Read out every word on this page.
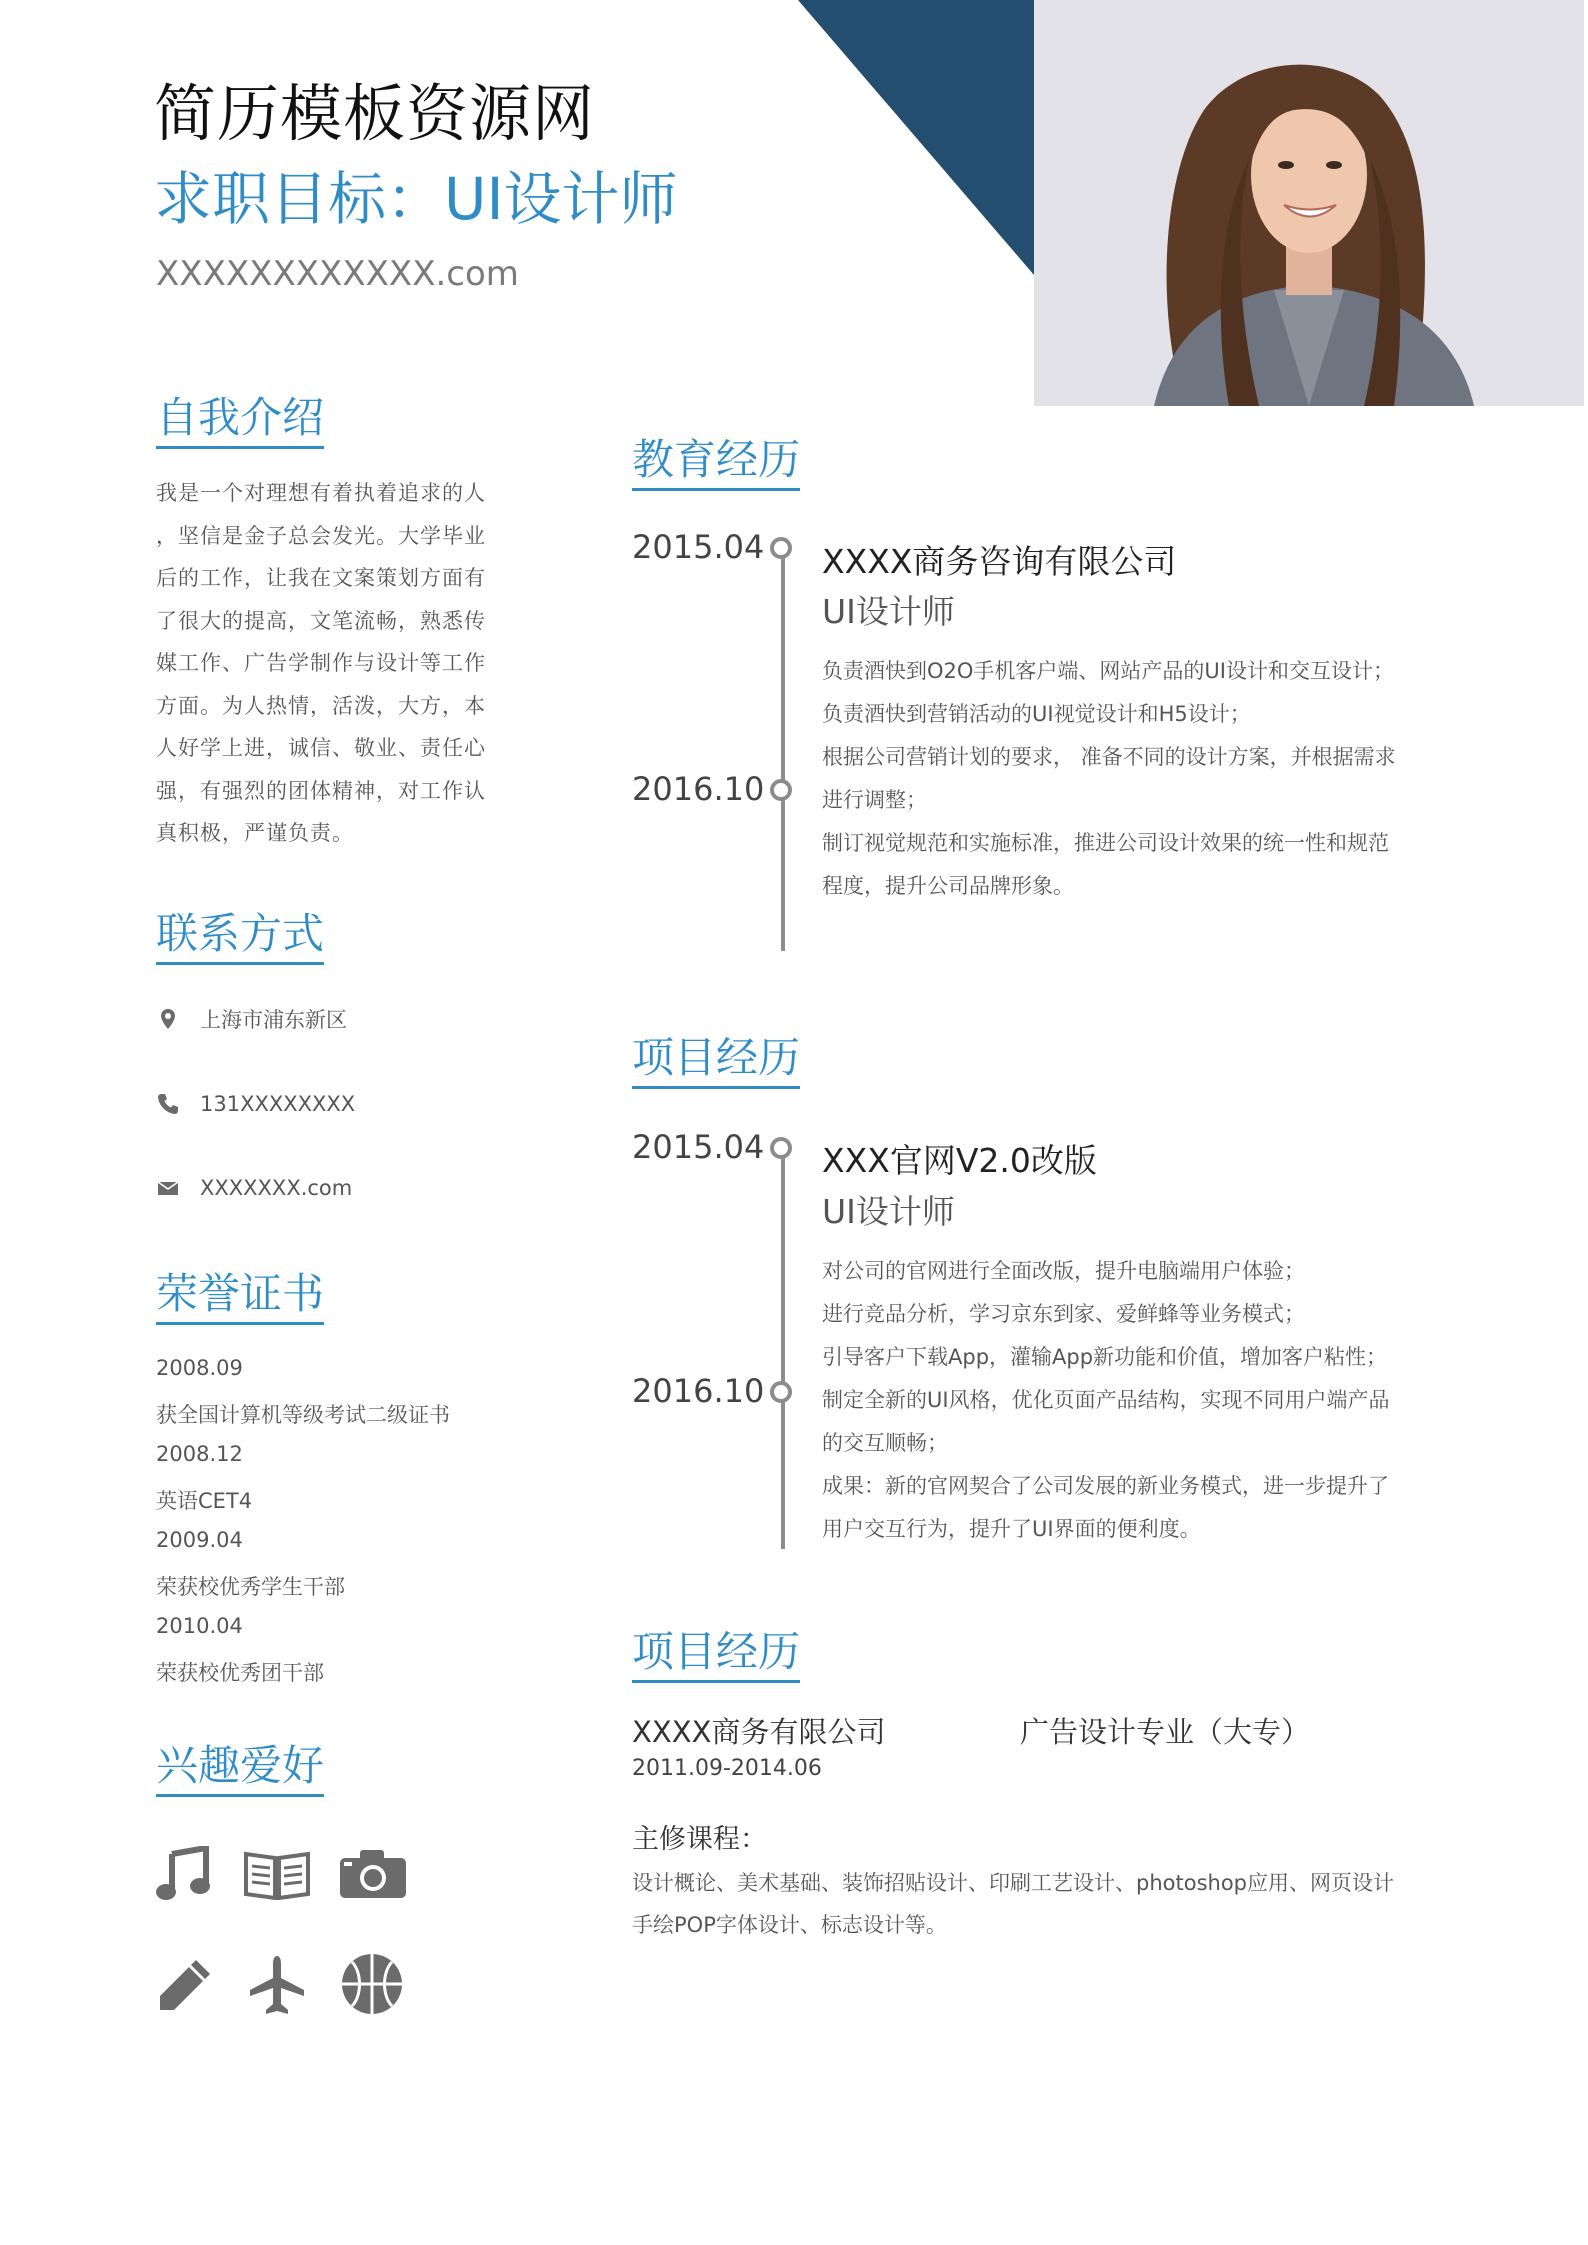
简历模板资源网
求职目标：UI设计师
XXXXXXXXXXXX.com
自我介绍
我是一个对理想有着执着追求的人
，坚信是金子总会发光。大学毕业
后的工作，让我在文案策划方面有
了很大的提高，文笔流畅，熟悉传
媒工作、广告学制作与设计等工作
方面。为人热情，活泼，大方，本
人好学上进，诚信、敬业、责任心
强，有强烈的团体精神，对工作认
真积极，严谨负责。
联系方式
上海市浦东新区
131XXXXXXXX
XXXXXXX.com
荣誉证书
2008.09
获全国计算机等级考试二级证书
2008.12
英语CET4
2009.04
荣获校优秀学生干部
2010.04
荣获校优秀团干部
兴趣爱好
教育经历
2015.04
2016.10
XXXX商务咨询有限公司
UI设计师
负责酒快到O2O手机客户端、网站产品的UI设计和交互设计；
负责酒快到营销活动的UI视觉设计和H5设计；
根据公司营销计划的要求， 准备不同的设计方案，并根据需求
进行调整；
制订视觉规范和实施标准，推进公司设计效果的统一性和规范
程度，提升公司品牌形象。
项目经历
2015.04
2016.10
XXX官网V2.0改版
UI设计师
对公司的官网进行全面改版，提升电脑端用户体验；
进行竞品分析，学习京东到家、爱鲜蜂等业务模式；
引导客户下载App，灌输App新功能和价值，增加客户粘性；
制定全新的UI风格，优化页面产品结构，实现不同用户端产品
的交互顺畅；
成果：新的官网契合了公司发展的新业务模式，进一步提升了
用户交互行为，提升了UI界面的便利度。
项目经历
XXXX商务有限公司	广告设计专业（大专）
2011.09-2014.06
主修课程：
设计概论、美术基础、装饰招贴设计、印刷工艺设计、photoshop应用、网页设计
手绘POP字体设计、标志设计等。
